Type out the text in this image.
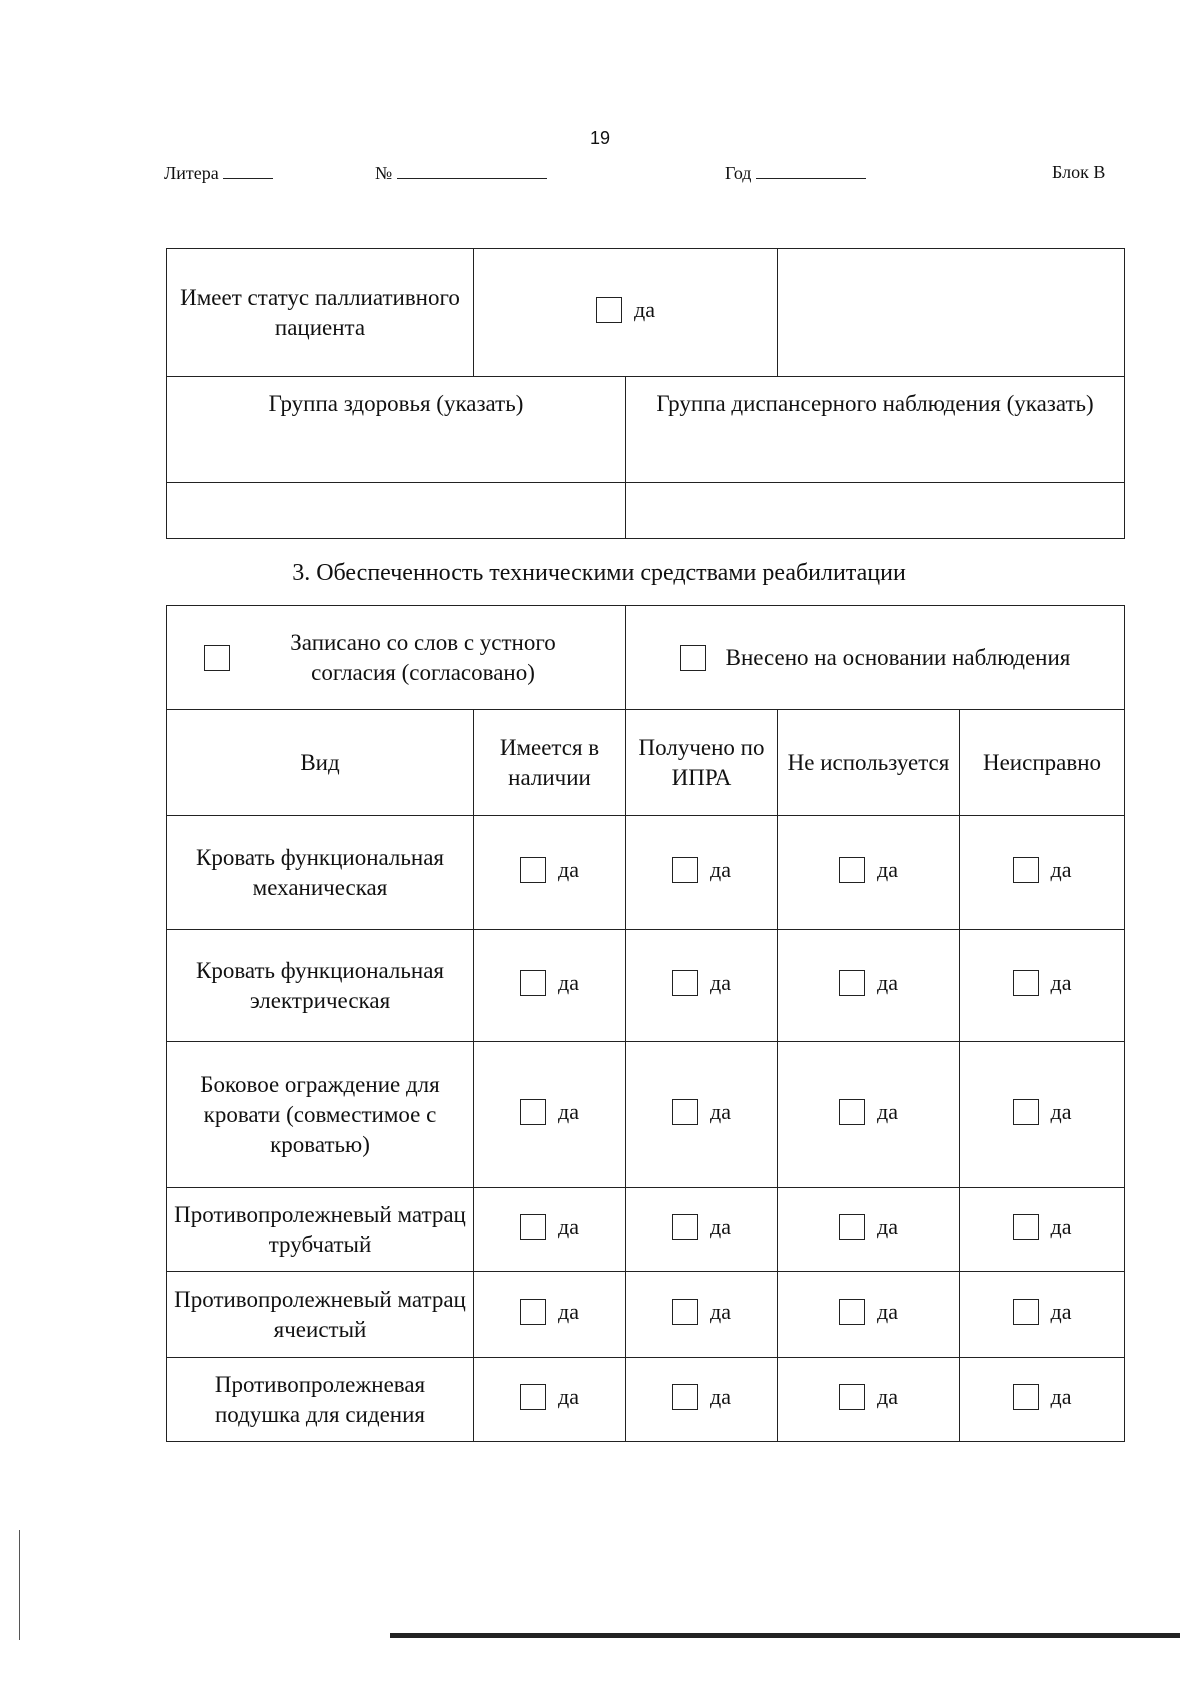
19
Литера	№	Год	Блок В
Имеет статус паллиативного пациента	да		

Группа здоровья (указать)		Группа диспансерного наблюдения (указать)	

3. Обеспеченность техническими средствами реабилитации
Записано со слов с устного согласия (согласовано)		Внесено на основании наблюдения		

Вид	Имеется в наличии	Получено по ИПРА	Не используется	Неисправно
Кровать функциональная механическая	да	да	да	да

Кровать функциональная электрическая	да	да	да	да

Боковое ограждение для кровати (совместимое с кроватью)	да	да	да	да

Противопролежневый матрац трубчатый	да	да	да	да

Противопролежневый матрац ячеистый	да	да	да	да

Противопролежневая подушка для сидения	да	да	да	да
